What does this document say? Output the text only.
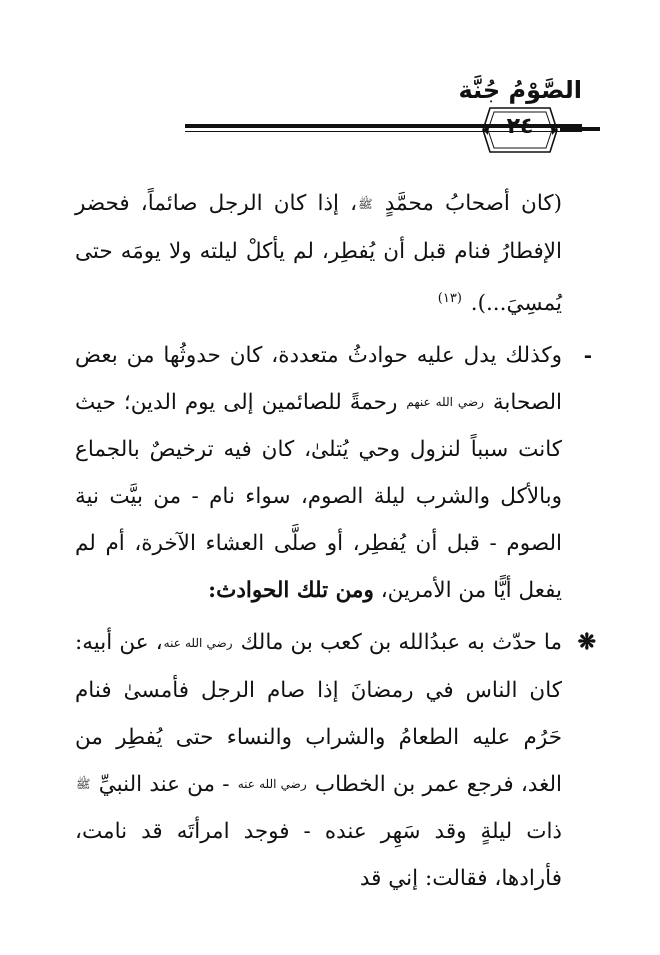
الصَّوْمُ جُنَّة
٢٤

(كان أصحابُ محمَّدٍ ﷺ، إذا كان الرجل صائماً، فحضر الإفطارُ فنام قبل أن يُفطِر، لم يأكلْ ليلته ولا يومَه حتى يُمسِيَ...). $^{(١٣)}$

-
وكذلك يدل عليه حوادثُ متعددة، كان حدوثُها من بعض الصحابة رضي الله عنهم رحمةً للصائمين إلى يوم الدين؛ حيث كانت سبباً لنزول وحي يُتلىٰ، كان فيه ترخيصٌ بالجماع وبالأكل والشرب ليلة الصوم، سواء نام - من بيَّت نية الصوم - قبل أن يُفطِر، أو صلَّى العشاء الآخرة، أم لم يفعل أيًّا من الأمرين، ومن تلك الحوادث:

❋
ما حدّث به عبدُالله بن كعب بن مالك رضي الله عنه، عن أبيه: كان الناس في رمضانَ إذا صام الرجل فأمسىٰ فنام حَرُم عليه الطعامُ والشراب والنساء حتى يُفطِر من الغد، فرجع عمر بن الخطاب رضي الله عنه - من عند النبيِّ ﷺ ذات ليلةٍ وقد سَهِر عنده - فوجد امرأتَه قد نامت، فأرادها، فقالت: إني قد
